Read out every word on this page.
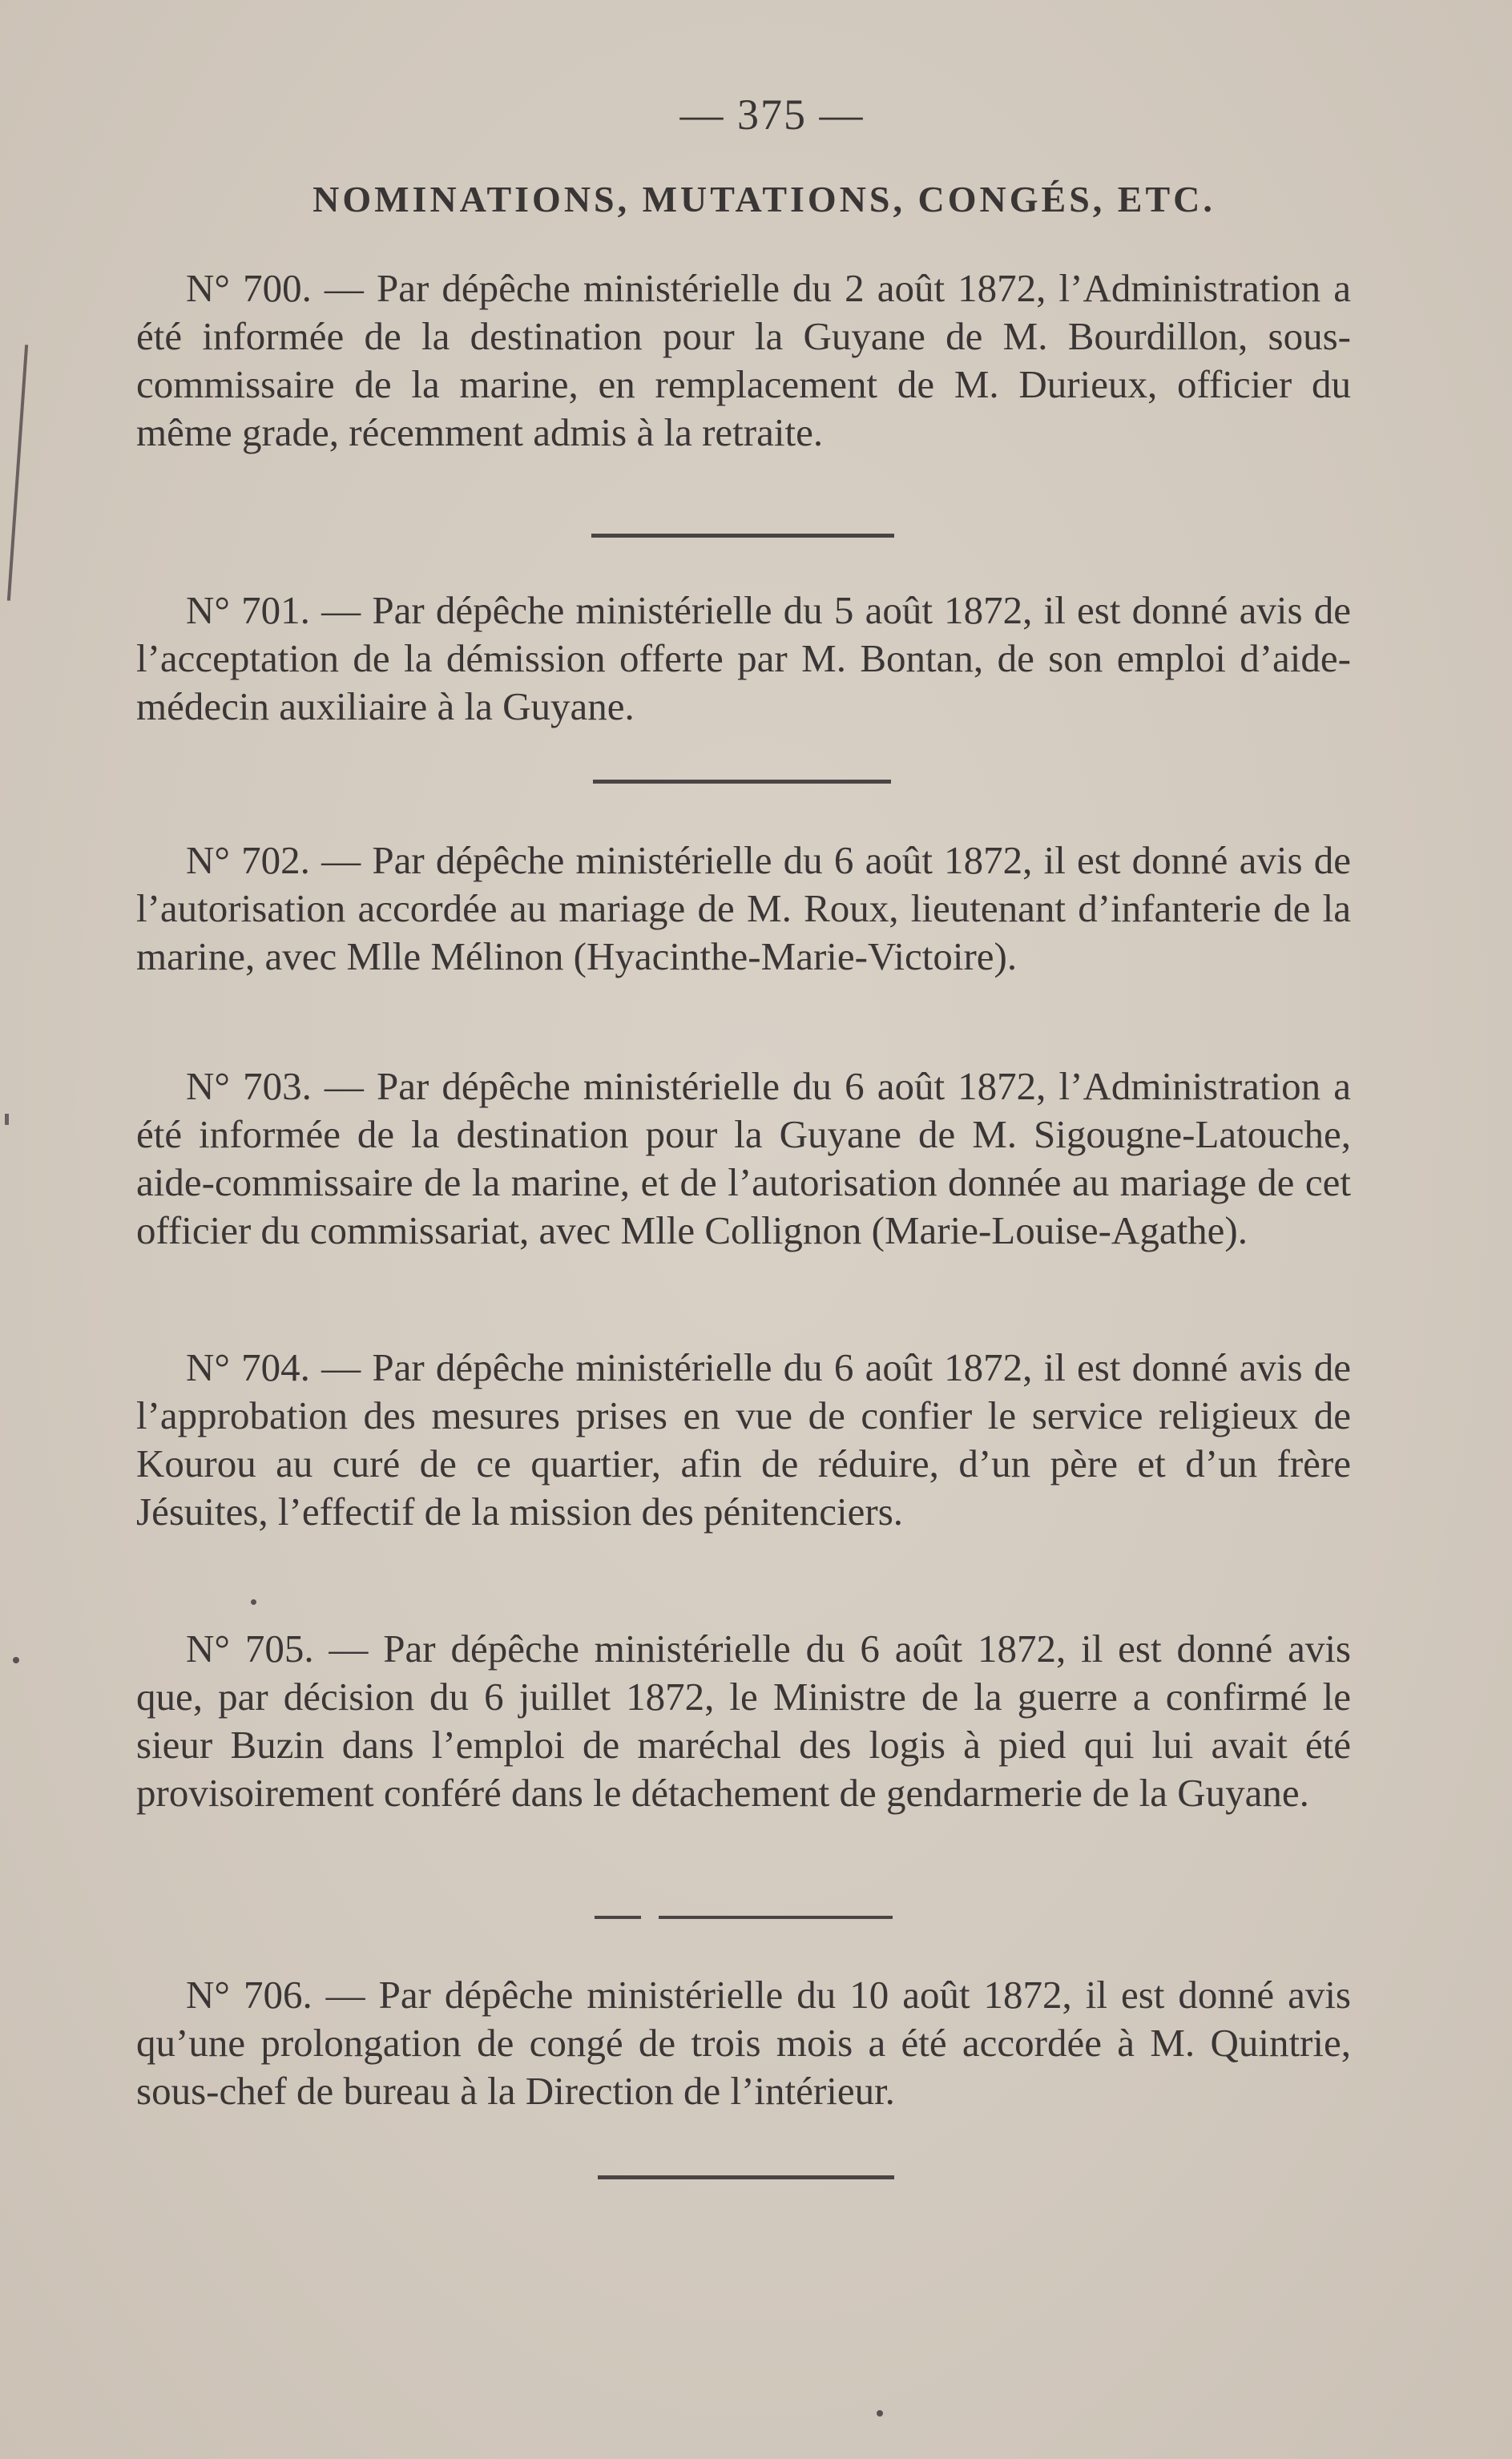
— 375 —
NOMINATIONS, MUTATIONS, CONGÉS, ETC.

N° 700. — Par dépêche ministérielle du 2 août 1872, l’Administration a été informée de la destination pour la Guyane de M. Bourdillon, sous-commissaire de la marine, en remplacement de M. Durieux, officier du même grade, récemment admis à la retraite.

N° 701. — Par dépêche ministérielle du 5 août 1872, il est donné avis de l’acceptation de la démission offerte par M. Bontan, de son emploi d’aide-médecin auxiliaire à la Guyane.

N° 702. — Par dépêche ministérielle du 6 août 1872, il est donné avis de l’autorisation accordée au mariage de M. Roux, lieutenant d’infanterie de la marine, avec Mlle Mélinon (Hyacinthe-Marie-Victoire).

N° 703. — Par dépêche ministérielle du 6 août 1872, l’Administration a été informée de la destination pour la Guyane de M. Sigougne-Latouche, aide-commissaire de la marine, et de l’autorisation donnée au mariage de cet officier du commissariat, avec Mlle Collignon (Marie-Louise-Agathe).

N° 704. — Par dépêche ministérielle du 6 août 1872, il est donné avis de l’approbation des mesures prises en vue de confier le service religieux de Kourou au curé de ce quartier, afin de réduire, d’un père et d’un frère Jésuites, l’effectif de la mission des pénitenciers.

N° 705. — Par dépêche ministérielle du 6 août 1872, il est donné avis que, par décision du 6 juillet 1872, le Ministre de la guerre a confirmé le sieur Buzin dans l’emploi de maréchal des logis à pied qui lui avait été provisoirement conféré dans le détachement de gendarmerie de la Guyane.

N° 706. — Par dépêche ministérielle du 10 août 1872, il est donné avis qu’une prolongation de congé de trois mois a été accordée à M. Quintrie, sous-chef de bureau à la Direction de l’intérieur.
